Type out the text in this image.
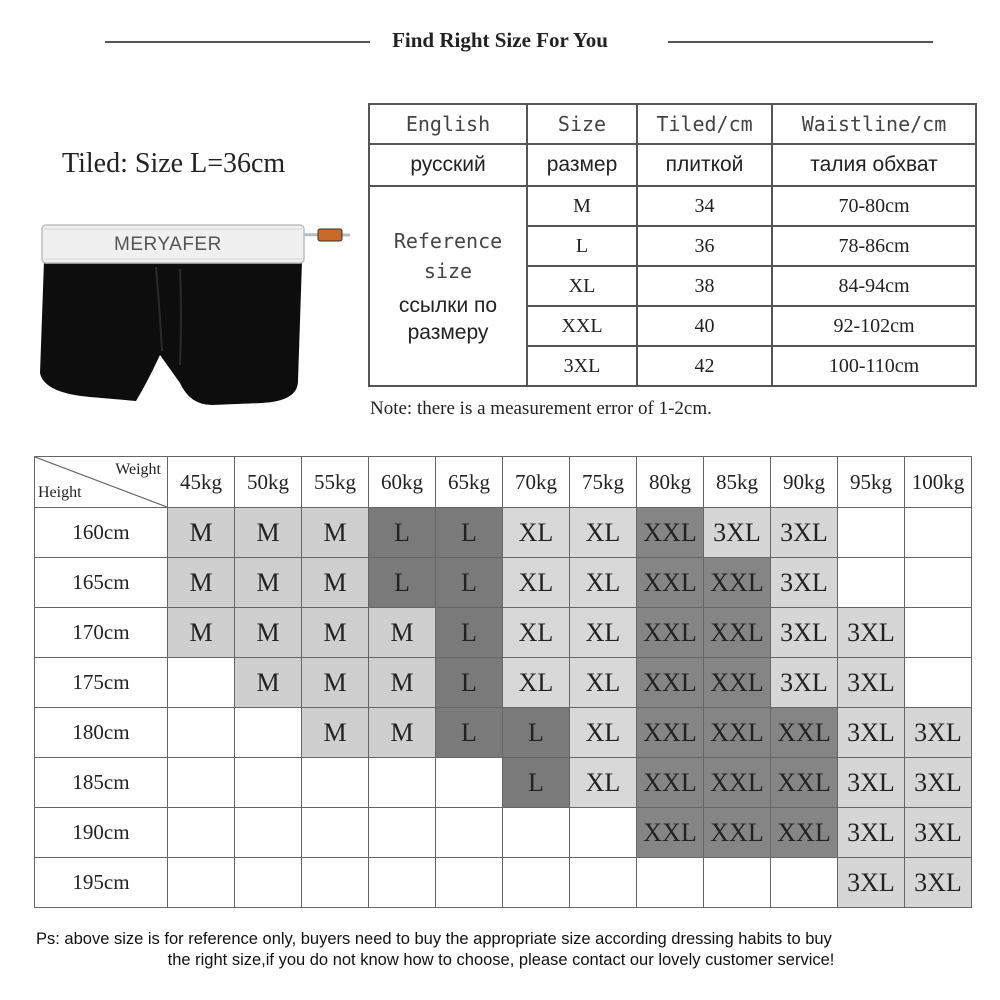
Find Right Size For You
Tiled: Size L=36cm
MERYAFER
English	Size	Tiled/cm	Waistline/cm
русский	размер	плиткой	талия обхват

Reference size
ссылки по размеру	M	34	70-80cm
	L	36	78-86cm
	XL	38	84-94cm
	XXL	40	92-102cm
	3XL	42	100-110cm
Note: there is a measurement error of 1-2cm.
Weight
Height	45kg	50kg	55kg	60kg	65kg	70kg	75kg	80kg	85kg	90kg	95kg	100kg
160cm	M	M	M	L	L	XL	XL	XXL	3XL	3XL		
165cm	M	M	M	L	L	XL	XL	XXL	XXL	3XL		
170cm	M	M	M	M	L	XL	XL	XXL	XXL	3XL	3XL	
175cm		M	M	M	L	XL	XL	XXL	XXL	3XL	3XL	
180cm			M	M	L	L	XL	XXL	XXL	XXL	3XL	3XL
185cm						L	XL	XXL	XXL	XXL	3XL	3XL
190cm								XXL	XXL	XXL	3XL	3XL
195cm											3XL	3XL
Ps: above size is for reference only, buyers need to buy the appropriate size according dressing habits to buy
the right size,if you do not know how to choose, please contact our lovely customer service!
